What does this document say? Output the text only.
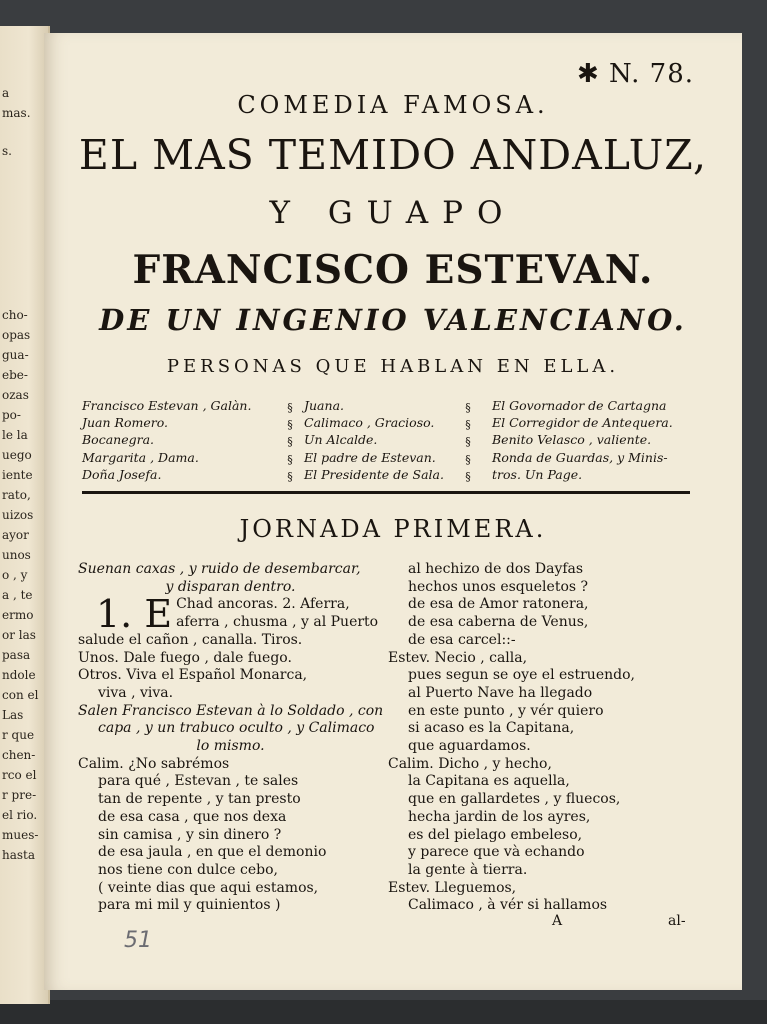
a
mas.
s.
cho-
opas
gua-
ebe-
ozas
po-
le la
uego
iente
rato,
uizos
ayor
unos
o , y
a , te
ermo
or las
pasa
ndole
con el
Las
r que
chen-
rco el
r pre-
el rio.
mues-
hasta
✱ N. 78.
COMEDIA FAMOSA.
EL MAS TEMIDO ANDALUZ,
Y GUAPO
FRANCISCO ESTEVAN.
DE UN INGENIO VALENCIANO.
PERSONAS QUE HABLAN EN ELLA.
Francisco Estevan , Galàn.
Juan Romero.
Bocanegra.
Margarita , Dama.
Doña Josefa.
§
§
§
§
§
Juana.
Calimaco , Gracioso.
Un Alcalde.
El padre de Estevan.
El Presidente de Sala.
§
§
§
§
§
El Govornador de Cartagna
El Corregidor de Antequera.
Benito Velasco , valiente.
Ronda de Guardas, y Minis-
tros. Un Page.
JORNADA PRIMERA.
Suenan caxas , y ruido de desembarcar,
y disparan dentro.
1. E Chad ancoras. 2. Aferra,
aferra , chusma , y al Puerto
salude el cañon , canalla. Tiros.
Unos. Dale fuego , dale fuego.
Otros. Viva el Español Monarca,
viva , viva.
Salen Francisco Estevan à lo Soldado , con
capa , y un trabuco oculto , y Calimaco
lo mismo.
Calim. ¿No sabrémos
para qué , Estevan , te sales
tan de repente , y tan presto
de esa casa , que nos dexa
sin camisa , y sin dinero ?
de esa jaula , en que el demonio
nos tiene con dulce cebo,
( veinte dias que aqui estamos,
para mi mil y quinientos )
al hechizo de dos Dayfas
hechos unos esqueletos ?
de esa de Amor ratonera,
de esa caberna de Venus,
de esa carcel::-
Estev. Necio , calla,
pues segun se oye el estruendo,
al Puerto Nave ha llegado
en este punto , y vér quiero
si acaso es la Capitana,
que aguardamos.
Calim. Dicho , y hecho,
la Capitana es aquella,
que en gallardetes , y fluecos,
hecha jardin de los ayres,
es del pielago embeleso,
y parece que và echando
la gente à tierra.
Estev. Lleguemos,
Calimaco , à vér si hallamos
A	al-
51
